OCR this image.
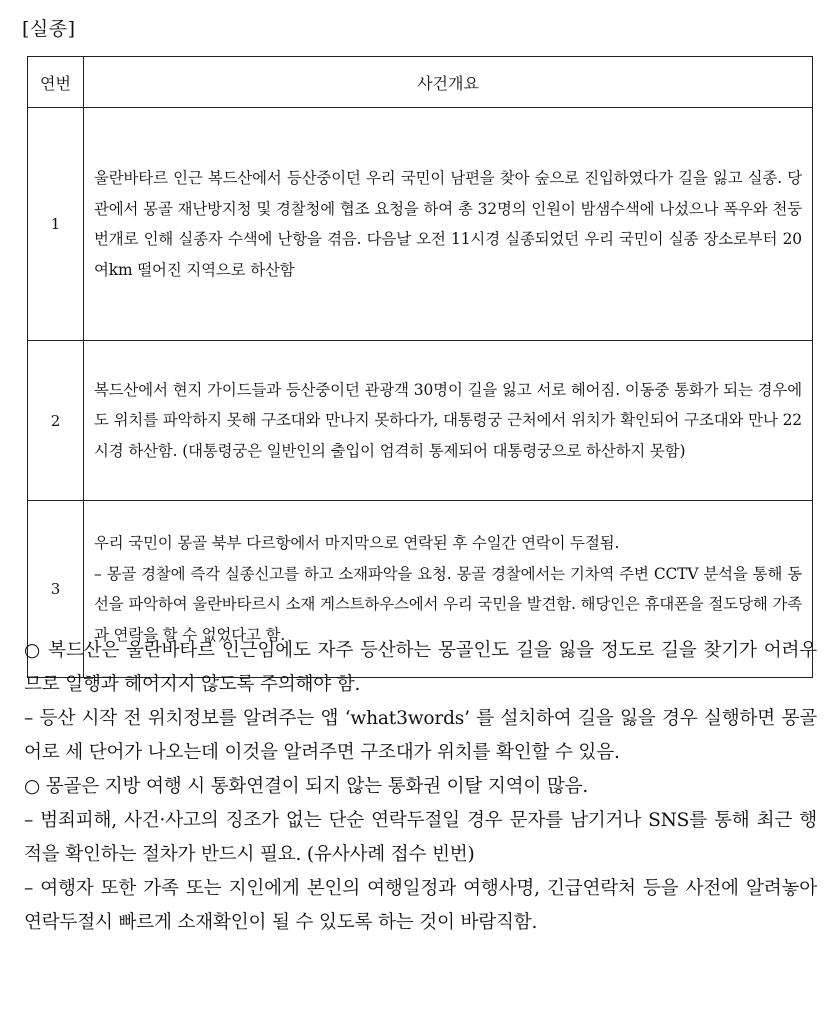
[실종]
연번	사건개요
1	울란바타르 인근 복드산에서 등산중이던 우리 국민이 남편을 찾아 숲으로 진입하였다가 길을 잃고 실종. 당관에서 몽골 재난방지청 및 경찰청에 협조 요청을 하여 총 32명의 인원이 밤샘수색에 나섰으나 폭우와 천둥번개로 인해 실종자 수색에 난항을 겪음. 다음날 오전 11시경 실종되었던 우리 국민이 실종 장소로부터 20여km 떨어진 지역으로 하산함

2	복드산에서 현지 가이드들과 등산중이던 관광객 30명이 길을 잃고 서로 헤어짐. 이동중 통화가 되는 경우에도 위치를 파악하지 못해 구조대와 만나지 못하다가, 대통령궁 근처에서 위치가 확인되어 구조대와 만나 22시경 하산함. (대통령궁은 일반인의 출입이 엄격히 통제되어 대통령궁으로 하산하지 못함)

3	우리 국민이 몽골 북부 다르항에서 마지막으로 연락된 후 수일간 연락이 두절됨.

– 몽골 경찰에 즉각 실종신고를 하고 소재파악을 요청. 몽골 경찰에서는 기차역 주변 CCTV 분석을 통해 동선을 파악하여 울란바타르시 소재 게스트하우스에서 우리 국민을 발견함. 해당인은 휴대폰을 절도당해 가족과 연락을 할 수 없었다고 함.

○ 복드산은 울란바타르 인근임에도 자주 등산하는 몽골인도 길을 잃을 정도로 길을 찾기가 어려우므로 일행과 헤어지지 않도록 주의해야 함.

– 등산 시작 전 위치정보를 알려주는 앱 ‘what3words’ 를 설치하여 길을 잃을 경우 실행하면 몽골어로 세 단어가 나오는데 이것을 알려주면 구조대가 위치를 확인할 수 있음.

○ 몽골은 지방 여행 시 통화연결이 되지 않는 통화권 이탈 지역이 많음.

– 범죄피해, 사건·사고의 징조가 없는 단순 연락두절일 경우 문자를 남기거나 SNS를 통해 최근 행적을 확인하는 절차가 반드시 필요. (유사사례 접수 빈번)

– 여행자 또한 가족 또는 지인에게 본인의 여행일정과 여행사명, 긴급연락처 등을 사전에 알려놓아 연락두절시 빠르게 소재확인이 될 수 있도록 하는 것이 바람직함.
